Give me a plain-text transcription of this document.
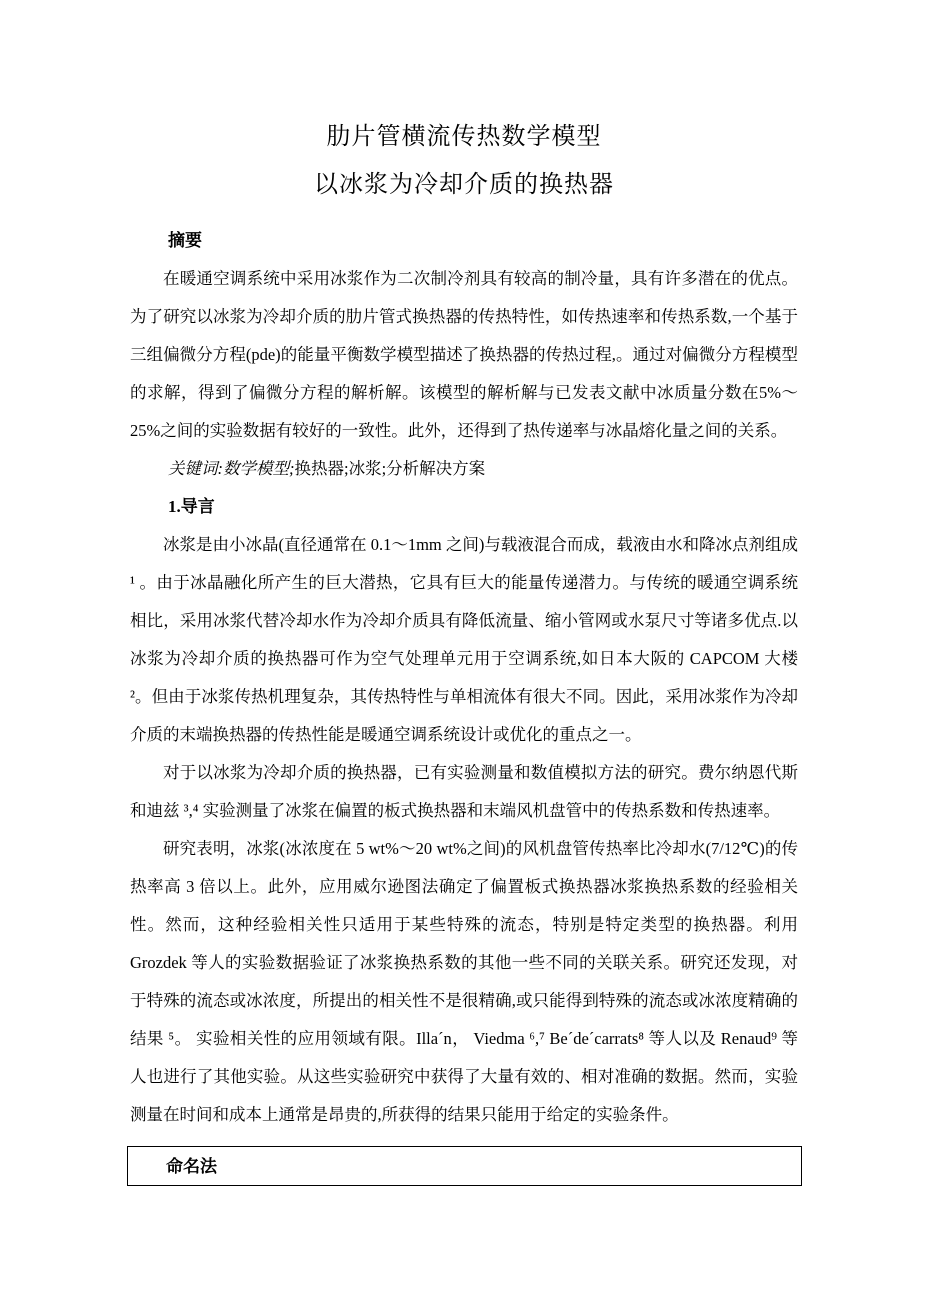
肋片管横流传热数学模型
以冰浆为冷却介质的换热器

摘要

在暖通空调系统中采用冰浆作为二次制冷剂具有较高的制冷量，具有许多潜在的优点。为了研究以冰浆为冷却介质的肋片管式换热器的传热特性，如传热速率和传热系数,一个基于三组偏微分方程(pde)的能量平衡数学模型描述了换热器的传热过程,。通过对偏微分方程模型的求解，得到了偏微分方程的解析解。该模型的解析解与已发表文献中冰质量分数在5%～25%之间的实验数据有较好的一致性。此外，还得到了热传递率与冰晶熔化量之间的关系。

关键词:数学模型;换热器;冰浆;分析解决方案

1.导言

冰浆是由小冰晶(直径通常在 0.1～1mm 之间)与载液混合而成，载液由水和降冰点剂组成 ¹ 。由于冰晶融化所产生的巨大潜热，它具有巨大的能量传递潜力。与传统的暖通空调系统相比，采用冰浆代替冷却水作为冷却介质具有降低流量、缩小管网或水泵尺寸等诸多优点.以冰浆为冷却介质的换热器可作为空气处理单元用于空调系统,如日本大阪的 CAPCOM 大楼 ²。但由于冰浆传热机理复杂，其传热特性与单相流体有很大不同。因此，采用冰浆作为冷却介质的末端换热器的传热性能是暖通空调系统设计或优化的重点之一。

对于以冰浆为冷却介质的换热器，已有实验测量和数值模拟方法的研究。费尔纳恩代斯和迪兹 ³,⁴ 实验测量了冰浆在偏置的板式换热器和末端风机盘管中的传热系数和传热速率。

研究表明，冰浆(冰浓度在 5 wt%～20 wt%之间)的风机盘管传热率比冷却水(7/12℃)的传热率高 3 倍以上。此外，应用威尔逊图法确定了偏置板式换热器冰浆换热系数的经验相关性。然而，这种经验相关性只适用于某些特殊的流态，特别是特定类型的换热器。利用 Grozdek 等人的实验数据验证了冰浆换热系数的其他一些不同的关联关系。研究还发现，对于特殊的流态或冰浓度，所提出的相关性不是很精确,或只能得到特殊的流态或冰浓度精确的结果 ⁵。 实验相关性的应用领域有限。Illa´n， Viedma ⁶,⁷ Be´de´carrats⁸ 等人以及 Renaud⁹ 等人也进行了其他实验。从这些实验研究中获得了大量有效的、相对准确的数据。然而，实验测量在时间和成本上通常是昂贵的,所获得的结果只能用于给定的实验条件。

命名法
